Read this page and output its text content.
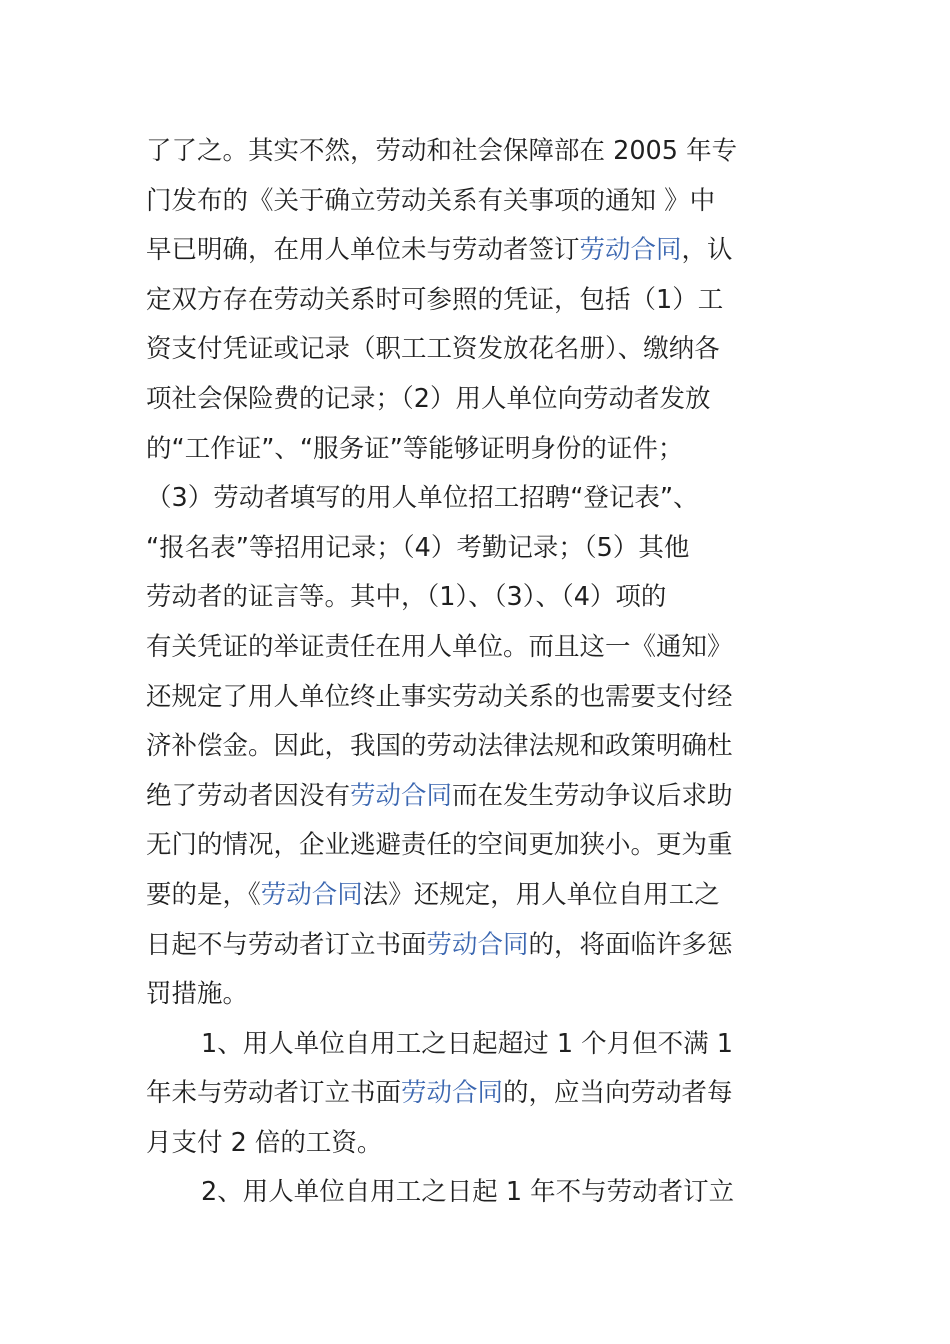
了了之。其实不然，劳动和社会保障部在 2005 年专
门发布的《关于确立劳动关系有关事项的通知 》中
早已明确，在用人单位未与劳动者签订劳动合同，认
定双方存在劳动关系时可参照的凭证，包括（1）工
资支付凭证或记录（职工工资发放花名册）、缴纳各
项社会保险费的记录；（2）用人单位向劳动者发放
的“工作证”、“服务证”等能够证明身份的证件；
（3）劳动者填写的用人单位招工招聘“登记表”、
“报名表”等招用记录；（4）考勤记录；（5）其他
劳动者的证言等。其中，（1）、（3）、（4）项的
有关凭证的举证责任在用人单位。而且这一《通知》
还规定了用人单位终止事实劳动关系的也需要支付经
济补偿金。因此，我国的劳动法律法规和政策明确杜
绝了劳动者因没有劳动合同而在发生劳动争议后求助
无门的情况，企业逃避责任的空间更加狭小。更为重
要的是，《劳动合同法》还规定，用人单位自用工之
日起不与劳动者订立书面劳动合同的，将面临许多惩
罚措施。
1、用人单位自用工之日起超过 1 个月但不满 1
年未与劳动者订立书面劳动合同的，应当向劳动者每
月支付 2 倍的工资。
2、用人单位自用工之日起 1 年不与劳动者订立
